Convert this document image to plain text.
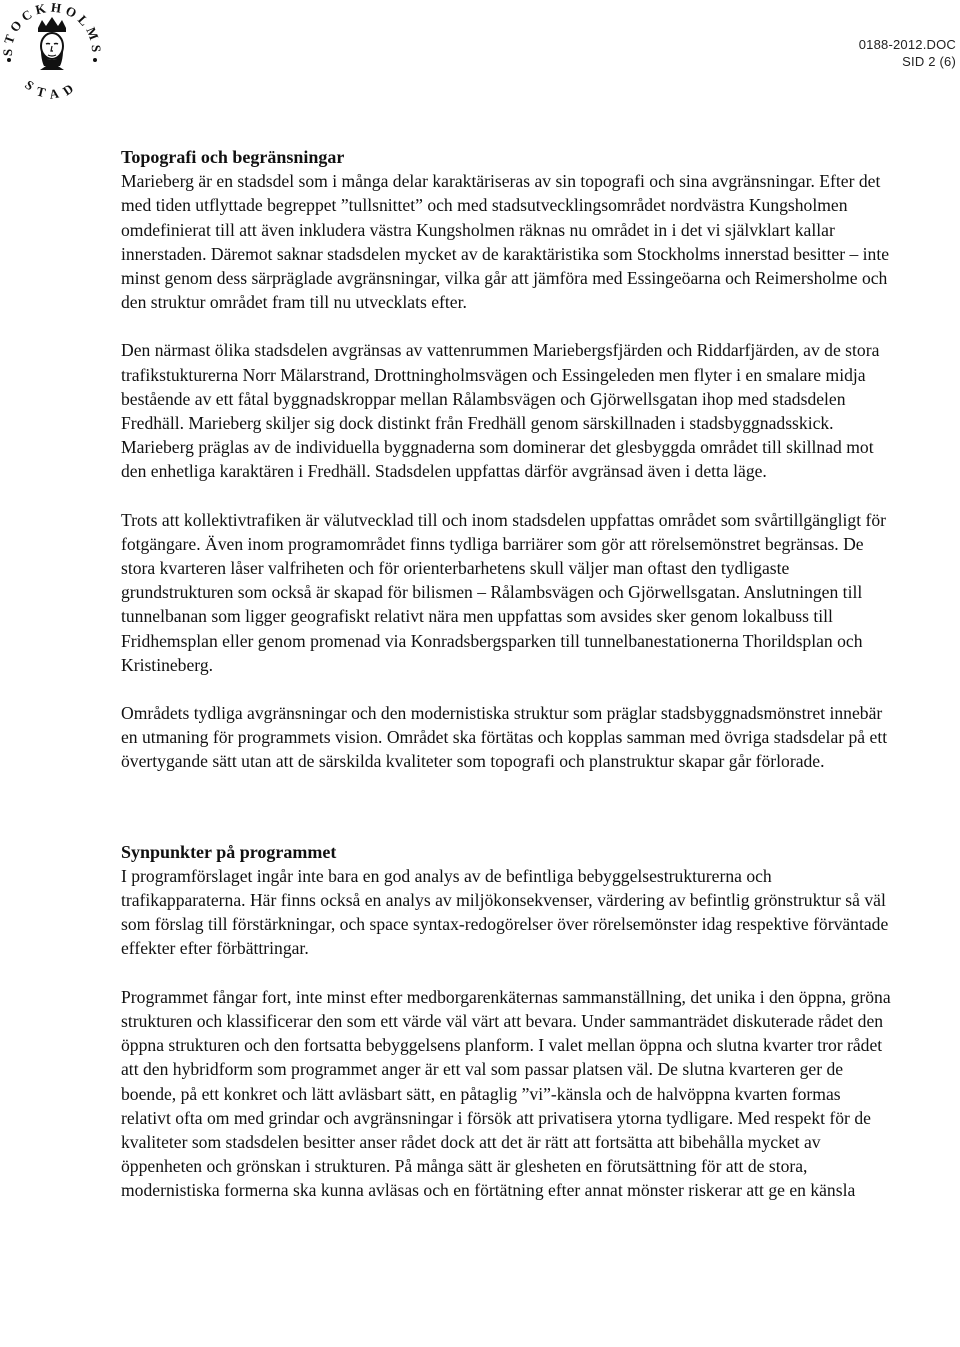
STOCKHOLMS
STAD
0188-2012.DOC
SID 2 (6)
Topografi och begränsningar

Marieberg är en stadsdel som i många delar karaktäriseras av sin topografi och sina avgränsningar. Efter det med tiden utflyttade begreppet ”tullsnittet” och med stadsutvecklingsområdet nordvästra Kungsholmen omdefinierat till att även inkludera västra Kungsholmen räknas nu området in i det vi självklart kallar innerstaden. Däremot saknar stadsdelen mycket av de karaktäristika som Stockholms innerstad besitter – inte minst genom dess särpräglade avgränsningar, vilka går att jämföra med Essingeöarna och Reimersholme och den struktur området fram till nu utvecklats efter.

Den närmast ölika stadsdelen avgränsas av vattenrummen Mariebergsfjärden och Riddarfjärden, av de stora trafikstukturerna Norr Mälarstrand, Drottningholmsvägen och Essingeleden men flyter i en smalare midja bestående av ett fåtal byggnadskroppar mellan Rålambsvägen och Gjörwellsgatan ihop med stadsdelen Fredhäll. Marieberg skiljer sig dock distinkt från Fredhäll genom särskillnaden i stadsbyggnadsskick. Marieberg präglas av de individuella byggnaderna som dominerar det glesbyggda området till skillnad mot den enhetliga karaktären i Fredhäll. Stadsdelen uppfattas därför avgränsad även i detta läge.

Trots att kollektivtrafiken är välutvecklad till och inom stadsdelen uppfattas området som svårtillgängligt för fotgängare. Även inom programområdet finns tydliga barriärer som gör att rörelsemönstret begränsas. De stora kvarteren låser valfriheten och för orienterbarhetens skull väljer man oftast den tydligaste grundstrukturen som också är skapad för bilismen – Rålambsvägen och Gjörwellsgatan. Anslutningen till tunnelbanan som ligger geografiskt relativt nära men uppfattas som avsides sker genom lokalbuss till Fridhemsplan eller genom promenad via Konradsbergsparken till tunnelbanestationerna Thorildsplan och Kristineberg.

Områdets tydliga avgränsningar och den modernistiska struktur som präglar stadsbyggnadsmönstret innebär en utmaning för programmets vision. Området ska förtätas och kopplas samman med övriga stadsdelar på ett övertygande sätt utan att de särskilda kvaliteter som topografi och planstruktur skapar går förlorade.

Synpunkter på programmet

I programförslaget ingår inte bara en god analys av de befintliga bebyggelsestrukturerna och trafikapparaterna. Här finns också en analys av miljökonsekvenser, värdering av befintlig grönstruktur så väl som förslag till förstärkningar, och space syntax-redogörelser över rörelsemönster idag respektive förväntade effekter efter förbättringar.

Programmet fångar fort, inte minst efter medborgarenkäternas sammanställning, det unika i den öppna, gröna strukturen och klassificerar den som ett värde väl värt att bevara. Under sammanträdet diskuterade rådet den öppna strukturen och den fortsatta bebyggelsens planform. I valet mellan öppna och slutna kvarter tror rådet att den hybridform som programmet anger är ett val som passar platsen väl. De slutna kvarteren ger de boende, på ett konkret och lätt avläsbart sätt, en påtaglig ”vi”-känsla och de halvöppna kvarten formas relativt ofta om med grindar och avgränsningar i försök att privatisera ytorna tydligare. Med respekt för de kvaliteter som stadsdelen besitter anser rådet dock att det är rätt att fortsätta att bibehålla mycket av öppenheten och grönskan i strukturen. På många sätt är glesheten en förutsättning för att de stora, modernistiska formerna ska kunna avläsas och en förtätning efter annat mönster riskerar att ge en känsla
